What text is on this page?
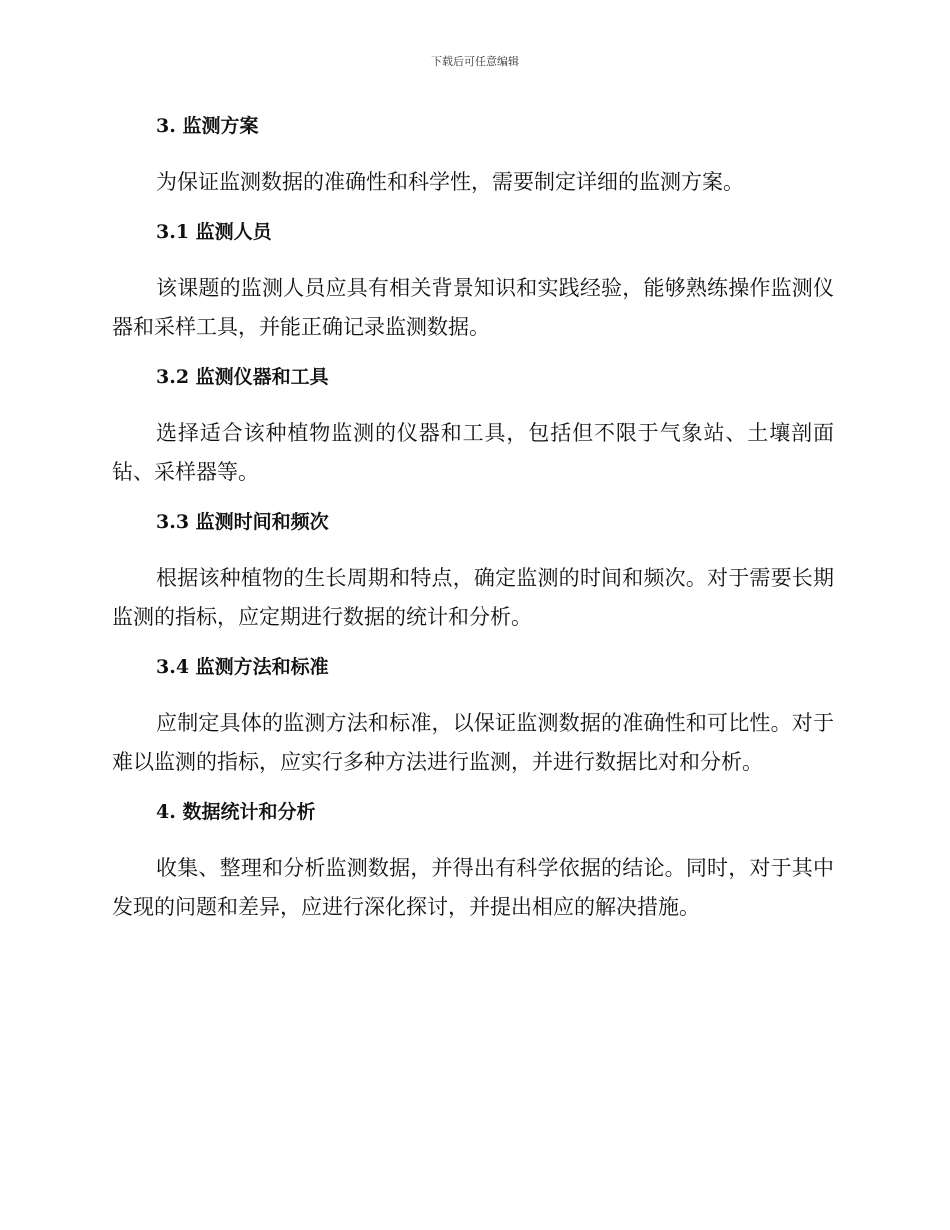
下载后可任意编辑
3. 监测方案

为保证监测数据的准确性和科学性，需要制定详细的监测方案。

3.1 监测人员

该课题的监测人员应具有相关背景知识和实践经验，能够熟练操作监测仪器和采样工具，并能正确记录监测数据。

3.2 监测仪器和工具

选择适合该种植物监测的仪器和工具，包括但不限于气象站、土壤剖面钻、采样器等。

3.3 监测时间和频次

根据该种植物的生长周期和特点，确定监测的时间和频次。对于需要长期监测的指标，应定期进行数据的统计和分析。

3.4 监测方法和标准

应制定具体的监测方法和标准，以保证监测数据的准确性和可比性。对于难以监测的指标，应实行多种方法进行监测，并进行数据比对和分析。

4. 数据统计和分析

收集、整理和分析监测数据，并得出有科学依据的结论。同时，对于其中发现的问题和差异，应进行深化探讨，并提出相应的解决措施。
